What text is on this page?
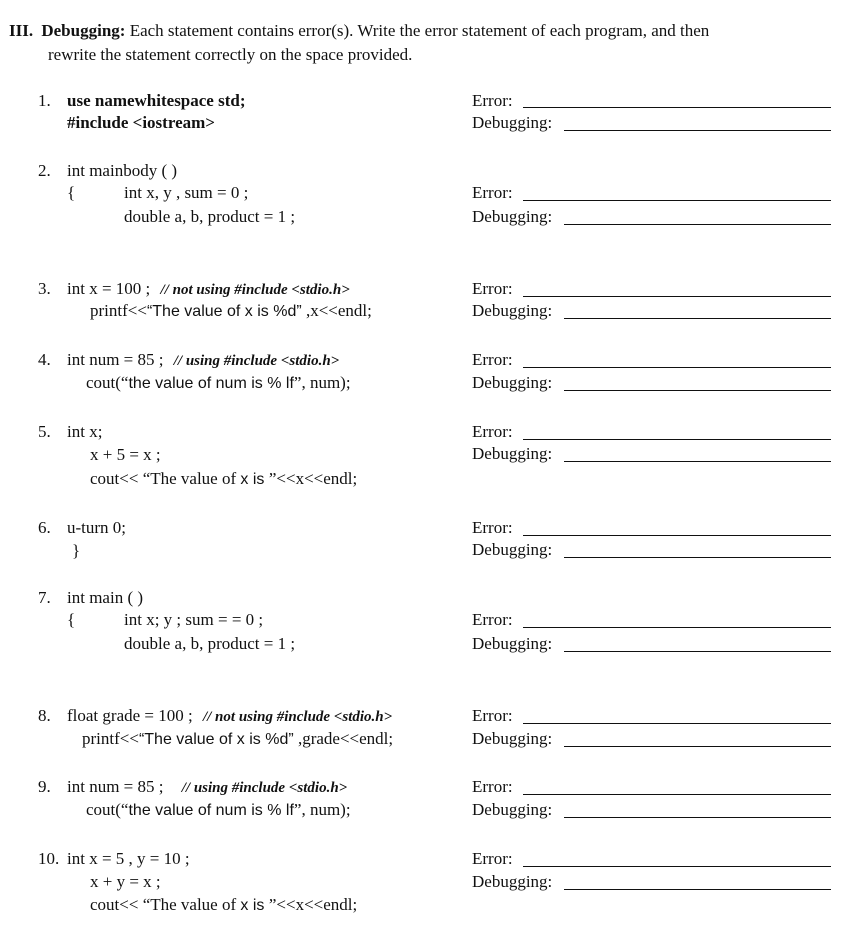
III. Debugging: Each statement contains error(s). Write the error statement of each program, and then
rewrite the statement correctly on the space provided.
1. use namewhitespace std;
#include <iostream>
Error:
Debugging:
2. int mainbody ( )
{	int x, y , sum = 0 ;
double a, b, product = 1 ;
Error:
Debugging:
3. int x = 100 ; // not using #include <stdio.h>
printf<<“The value of x is %d” ,x<<endl;
Error:
Debugging:
4. int num = 85 ; // using #include <stdio.h>
cout(“the value of num is % lf”, num);
Error:
Debugging:
5. int x;
x + 5 = x ;
cout<< “The value of x is ”<<x<<endl;
Error:
Debugging:
6. u-turn 0;
}
Error:
Debugging:
7. int main ( )
{	int x; y ; sum = = 0 ;
double a, b, product = 1 ;
Error:
Debugging:
8. float grade = 100 ; // not using #include <stdio.h>
printf<<“The value of x is %d” ,grade<<endl;
Error:
Debugging:
9. int num = 85 ; // using #include <stdio.h>
cout(“the value of num is % lf”, num);
Error:
Debugging:
10. int x = 5 , y = 10 ;
x + y = x ;
cout<< “The value of x is ”<<x<<endl;
Error:
Debugging:
